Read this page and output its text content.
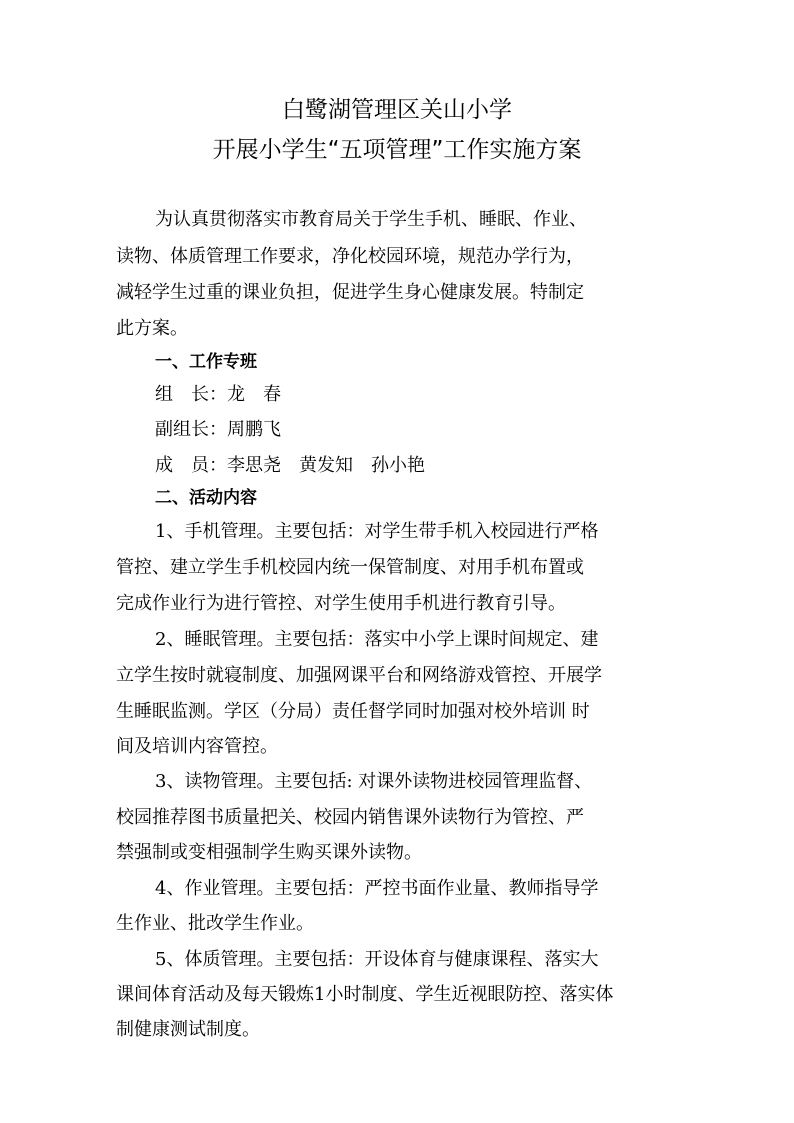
白鹭湖管理区关山小学
开展小学生“五项管理”工作实施方案
为认真贯彻落实市教育局关于学生手机、睡眠、作业、
读物、体质管理工作要求，净化校园环境，规范办学行为，
减轻学生过重的课业负担，促进学生身心健康发展。特制定
此方案。
一、工作专班
组　长：龙　春
副组长：周鹏飞
成　员：李思尧 黄发知 孙小艳
二、活动内容
1、手机管理。主要包括：对学生带手机入校园进行严格
管控、建立学生手机校园内统一保管制度、对用手机布置或
完成作业行为进行管控、对学生使用手机进行教育引导。
2、睡眠管理。主要包括：落实中小学上课时间规定、建
立学生按时就寝制度、加强网课平台和网络游戏管控、开展学
生睡眠监测。学区（分局）责任督学同时加强对校外培训 时
间及培训内容管控。
3、读物管理。主要包括: 对课外读物进校园管理监督、
校园推荐图书质量把关、校园内销售课外读物行为管控、严
禁强制或变相强制学生购买课外读物。
4、作业管理。主要包括：严控书面作业量、教师指导学
生作业、批改学生作业。
5、体质管理。主要包括：开设体育与健康课程、落实大
课间体育活动及每天锻炼1小时制度、学生近视眼防控、落实体
制健康测试制度。
